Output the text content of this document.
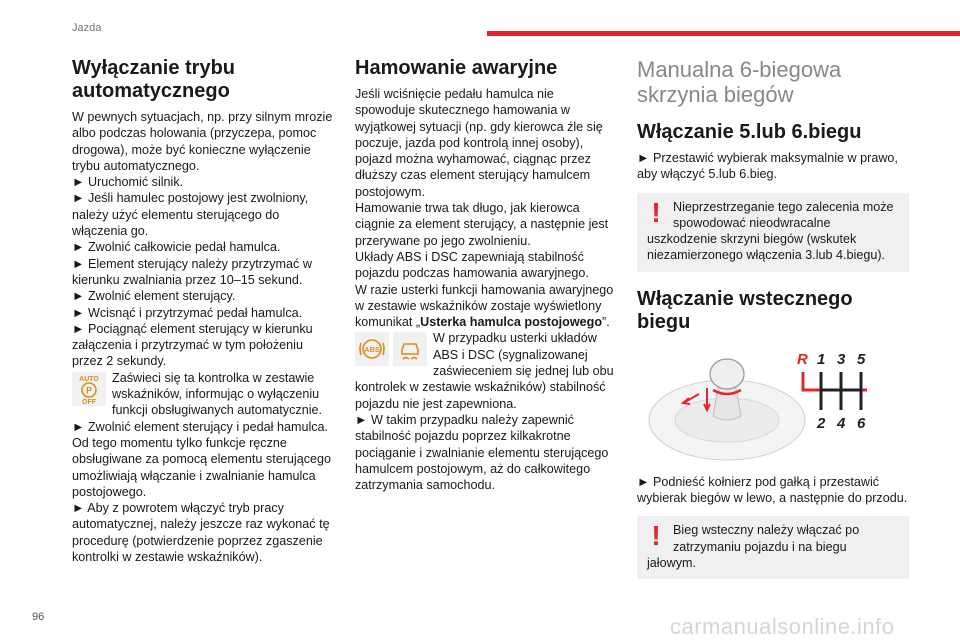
Jazda
Wyłączanie trybu automatycznego

W pewnych sytuacjach, np. przy silnym mrozie albo podczas holowania (przyczepa, pomoc drogowa), może być konieczne wyłączenie trybu automatycznego.

► Uruchomić silnik.

► Jeśli hamulec postojowy jest zwolniony, należy użyć elementu sterującego do włączenia go.

► Zwolnić całkowicie pedał hamulca.

► Element sterujący należy przytrzymać w kierunku zwalniania przez 10–15 sekund.

► Zwolnić element sterujący.

► Wcisnąć i przytrzymać pedał hamulca.

► Pociągnąć element sterujący w kierunku załączenia i przytrzymać w tym położeniu przez 2 sekundy.

AUTO
P
OFF

Zaświeci się ta kontrolka w zestawie wskaźników, informując o wyłączeniu funkcji obsługiwanych automatycznie.

► Zwolnić element sterujący i pedał hamulca.

Od tego momentu tylko funkcje ręczne obsługiwane za pomocą elementu sterującego umożliwiają włączanie i zwalnianie hamulca postojowego.

► Aby z powrotem włączyć tryb pracy automatycznej, należy jeszcze raz wykonać tę procedurę (potwierdzenie poprzez zgaszenie kontrolki w zestawie wskaźników).

Hamowanie awaryjne

Jeśli wciśnięcie pedału hamulca nie spowoduje skutecznego hamowania w wyjątkowej sytuacji (np. gdy kierowca źle się poczuje, jazda pod kontrolą innej osoby), pojazd można wyhamować, ciągnąc przez dłuższy czas element sterujący hamulcem postojowym.

Hamowanie trwa tak długo, jak kierowca ciągnie za element sterujący, a następnie jest przerywane po jego zwolnieniu.

Układy ABS i DSC zapewniają stabilność pojazdu podczas hamowania awaryjnego.

W razie usterki funkcji hamowania awaryjnego w zestawie wskaźników zostaje wyświetlony komunikat „Usterka hamulca postojowego”.

ABS

W przypadku usterki układów ABS i DSC (sygnalizowanej zaświeceniem się jednej lub obu kontrolek w zestawie wskaźników) stabilność pojazdu nie jest zapewniona.

► W takim przypadku należy zapewnić stabilność pojazdu poprzez kilkakrotne pociąganie i zwalnianie elementu sterującego hamulcem postojowym, aż do całkowitego zatrzymania samochodu.

Manualna 6-biegowa skrzynia biegów
Włączanie 5.lub 6.biegu

► Przestawić wybierak maksymalnie w prawo, aby włączyć 5.lub 6.bieg.

! Nieprzestrzeganie tego zalecenia może spowodować nieodwracalne uszkodzenie skrzyni biegów (wskutek niezamierzonego włączenia 3.lub 4.biegu).
Włączanie wstecznego biegu
R 1 3 5
2 4 6

► Podnieść kołnierz pod gałką i przestawić wybierak biegów w lewo, a następnie do przodu.

! Bieg wsteczny należy włączać po zatrzymaniu pojazdu i na biegu jałowym.
96	carmanualsonline.info
